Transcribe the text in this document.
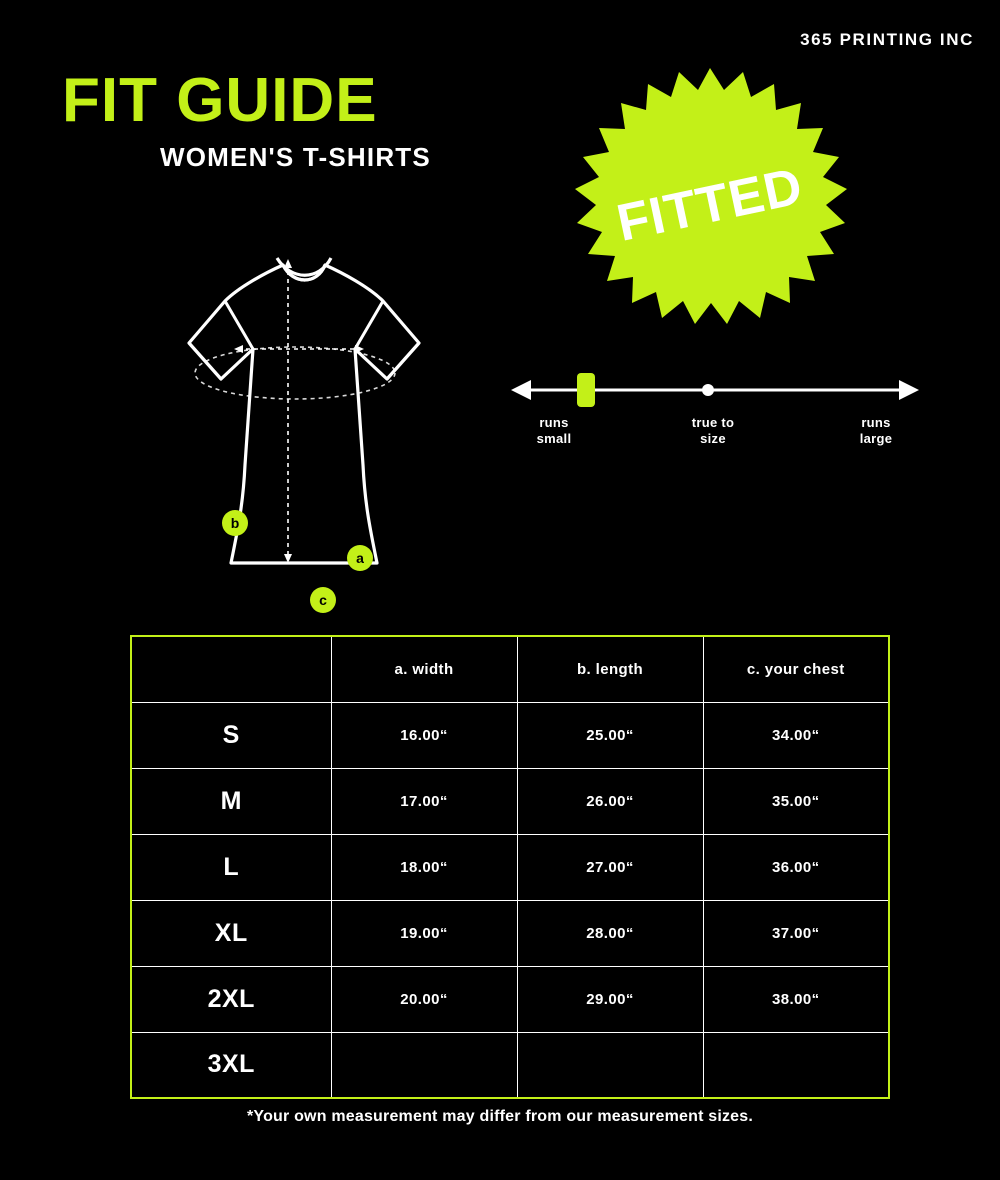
365 PRINTING INC
FIT GUIDE
WOMEN'S T-SHIRTS
b
a
c
FITTED
runs
small
true to
size
runs
large
	a. width	b. length	c. your chest
S	16.00“	25.00“	34.00“
M	17.00“	26.00“	35.00“
L	18.00“	27.00“	36.00“
XL	19.00“	28.00“	37.00“
2XL	20.00“	29.00“	38.00“
3XL			
*Your own measurement may differ from our measurement sizes.
